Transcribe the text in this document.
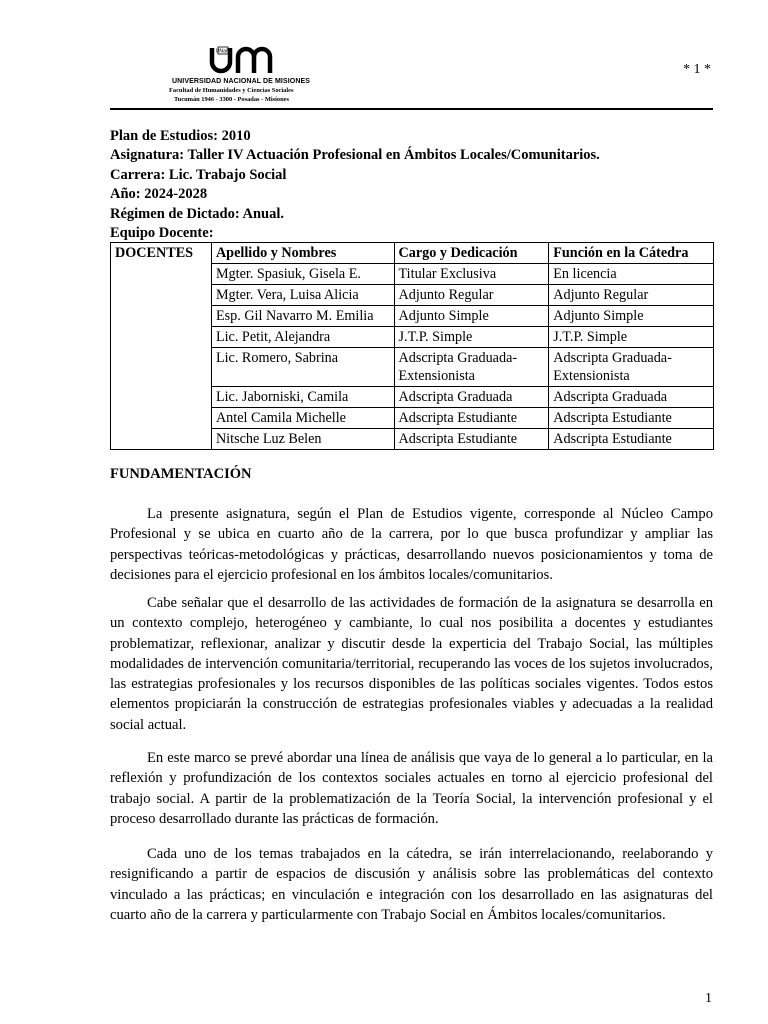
UNaM
UNIVERSIDAD NACIONAL DE MISIONES
Facultad de Humanidades y Ciencias Sociales
Tucumán 1946 - 3300 - Posadas - Misiones
* 1 *
Plan de Estudios: 2010
Asignatura: Taller IV Actuación Profesional en Ámbitos Locales/Comunitarios.
Carrera: Lic. Trabajo Social
Año: 2024-2028
Régimen de Dictado: Anual.
Equipo Docente:
DOCENTES	Apellido y Nombres	Cargo y Dedicación	Función en la Cátedra
	Mgter. Spasiuk, Gisela E.	Titular Exclusiva	En licencia
	Mgter. Vera, Luisa Alicia	Adjunto Regular	Adjunto Regular
	Esp. Gil Navarro M. Emilia	Adjunto Simple	Adjunto Simple
	Lic. Petit, Alejandra	J.T.P. Simple	J.T.P. Simple
	Lic. Romero, Sabrina	Adscripta Graduada-Extensionista	Adscripta Graduada-Extensionista
	Lic. Jaborniski, Camila	Adscripta Graduada	Adscripta Graduada
	Antel Camila Michelle	Adscripta Estudiante	Adscripta Estudiante
	Nitsche Luz Belen	Adscripta Estudiante	Adscripta Estudiante
FUNDAMENTACIÓN

La presente asignatura, según el Plan de Estudios vigente, corresponde al Núcleo Campo Profesional y se ubica en cuarto año de la carrera, por lo que busca profundizar y ampliar las perspectivas teóricas-metodológicas y prácticas, desarrollando nuevos posicionamientos y toma de decisiones para el ejercicio profesional en los ámbitos locales/comunitarios.

Cabe señalar que el desarrollo de las actividades de formación de la asignatura se desarrolla en un contexto complejo, heterogéneo y cambiante, lo cual nos posibilita a docentes y estudiantes problematizar, reflexionar, analizar y discutir desde la experticia del Trabajo Social, las múltiples modalidades de intervención comunitaria/territorial, recuperando las voces de los sujetos involucrados, las estrategias profesionales y los recursos disponibles de las políticas sociales vigentes. Todos estos elementos propiciarán la construcción de estrategias profesionales viables y adecuadas a la realidad social actual.

En este marco se prevé abordar una línea de análisis que vaya de lo general a lo particular, en la reflexión y profundización de los contextos sociales actuales en torno al ejercicio profesional del trabajo social. A partir de la problematización de la Teoría Social, la intervención profesional y el proceso desarrollado durante las prácticas de formación.

Cada uno de los temas trabajados en la cátedra, se irán interrelacionando, reelaborando y resignificando a partir de espacios de discusión y análisis sobre las problemáticas del contexto vinculado a las prácticas; en vinculación e integración con los desarrollado en las asignaturas del cuarto año de la carrera y particularmente con Trabajo Social en Ámbitos locales/comunitarios.

1
